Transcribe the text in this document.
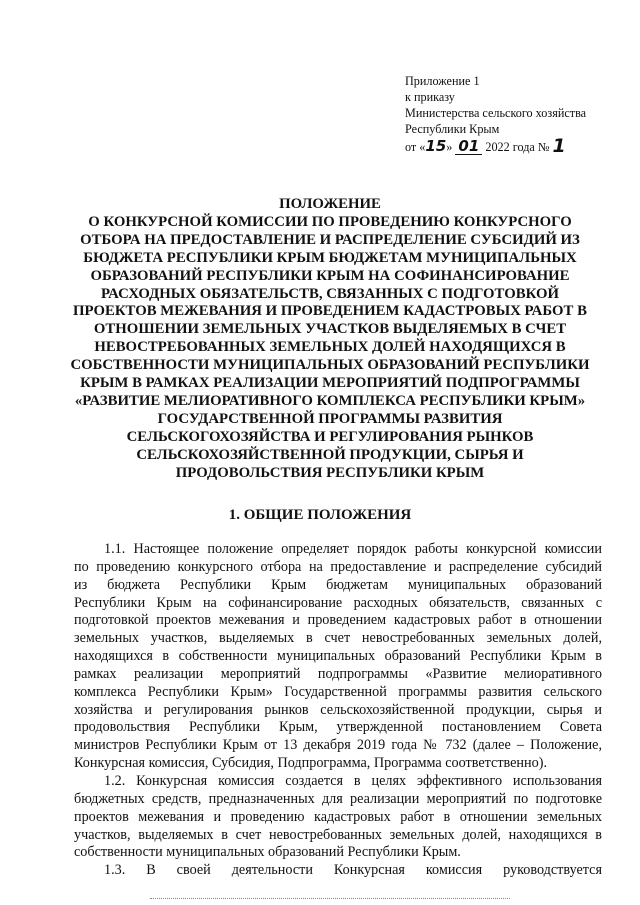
Приложение 1
к приказу
Министерства сельского хозяйства
Республики Крым
от «15» 01 2022 года № 1
ПОЛОЖЕНИЕ
О КОНКУРСНОЙ КОМИССИИ ПО ПРОВЕДЕНИЮ КОНКУРСНОГО
ОТБОРА НА ПРЕДОСТАВЛЕНИЕ И РАСПРЕДЕЛЕНИЕ СУБСИДИЙ ИЗ
БЮДЖЕТА РЕСПУБЛИКИ КРЫМ БЮДЖЕТАМ МУНИЦИПАЛЬНЫХ
ОБРАЗОВАНИЙ РЕСПУБЛИКИ КРЫМ НА СОФИНАНСИРОВАНИЕ
РАСХОДНЫХ ОБЯЗАТЕЛЬСТВ, СВЯЗАННЫХ С ПОДГОТОВКОЙ
ПРОЕКТОВ МЕЖЕВАНИЯ И ПРОВЕДЕНИЕМ КАДАСТРОВЫХ РАБОТ В
ОТНОШЕНИИ ЗЕМЕЛЬНЫХ УЧАСТКОВ ВЫДЕЛЯЕМЫХ В СЧЕТ
НЕВОСТРЕБОВАННЫХ ЗЕМЕЛЬНЫХ ДОЛЕЙ НАХОДЯЩИХСЯ В
СОБСТВЕННОСТИ МУНИЦИПАЛЬНЫХ ОБРАЗОВАНИЙ РЕСПУБЛИКИ
КРЫМ В РАМКАХ РЕАЛИЗАЦИИ МЕРОПРИЯТИЙ ПОДПРОГРАММЫ
«РАЗВИТИЕ МЕЛИОРАТИВНОГО КОМПЛЕКСА РЕСПУБЛИКИ КРЫМ»
ГОСУДАРСТВЕННОЙ ПРОГРАММЫ РАЗВИТИЯ
СЕЛЬСКОГОХОЗЯЙСТВА И РЕГУЛИРОВАНИЯ РЫНКОВ
СЕЛЬСКОХОЗЯЙСТВЕННОЙ ПРОДУКЦИИ, СЫРЬЯ И
ПРОДОВОЛЬСТВИЯ РЕСПУБЛИКИ КРЫМ
1. ОБЩИЕ ПОЛОЖЕНИЯ
1.1. Настоящее положение определяет порядок работы конкурсной комиссии
по проведению конкурсного отбора на предоставление и распределение субсидий
из бюджета Республики Крым бюджетам муниципальных образований
Республики Крым на софинансирование расходных обязательств, связанных с
подготовкой проектов межевания и проведением кадастровых работ в отношении
земельных участков, выделяемых в счет невостребованных земельных долей,
находящихся в собственности муниципальных образований Республики Крым в
рамках реализации мероприятий подпрограммы «Развитие мелиоративного
комплекса Республики Крым» Государственной программы развития сельского
хозяйства и регулирования рынков сельскохозяйственной продукции, сырья и
продовольствия Республики Крым, утвержденной постановлением Совета
министров Республики Крым от 13 декабря 2019 года № 732 (далее – Положение,
Конкурсная комиссия, Субсидия, Подпрограмма, Программа соответственно).
1.2. Конкурсная комиссия создается в целях эффективного использования
бюджетных средств, предназначенных для реализации мероприятий по подготовке
проектов межевания и проведению кадастровых работ в отношении земельных
участков, выделяемых в счет невостребованных земельных долей, находящихся в
собственности муниципальных образований Республики Крым.
1.3. В своей деятельности Конкурсная комиссия руководствуется
